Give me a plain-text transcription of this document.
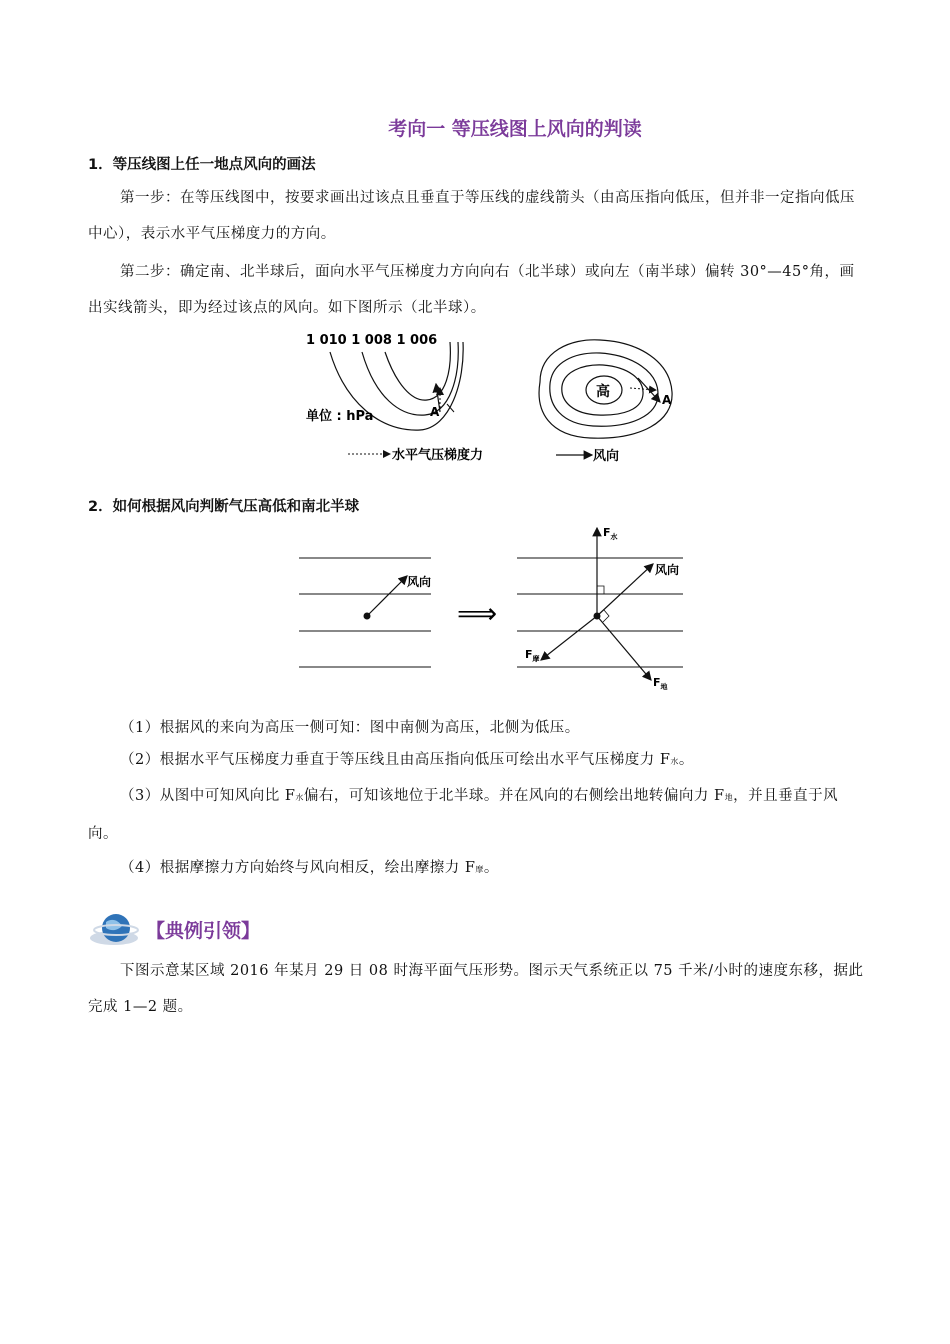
考向一 等压线图上风向的判读
1．等压线图上任一地点风向的画法
第一步：在等压线图中，按要求画出过该点且垂直于等压线的虚线箭头（由高压指向低压，但并非一定指向低压中心），表示水平气压梯度力的方向。
第二步：确定南、北半球后，面向水平气压梯度力方向向右（北半球）或向左（南半球）偏转 30°—45°角，画出实线箭头，即为经过该点的风向。如下图所示（北半球）。
1 010 1 008 1 006
A
单位 : hPa
水平气压梯度力
高	A
风向
2．如何根据风向判断气压高低和南北半球
风向
⟹
$F_水$
风向
$F_摩$
$F_地$
（1）根据风的来向为高压一侧可知：图中南侧为高压，北侧为低压。
（2）根据水平气压梯度力垂直于等压线且由高压指向低压可绘出水平气压梯度力 F水。
（3）从图中可知风向比 F水偏右，可知该地位于北半球。并在风向的右侧绘出地转偏向力 F地，并且垂直于风向。
（4）根据摩擦力方向始终与风向相反，绘出摩擦力 F摩。
【典例引领】
下图示意某区域 2016 年某月 29 日 08 时海平面气压形势。图示天气系统正以 75 千米/小时的速度东移，据此完成 1—2 题。
